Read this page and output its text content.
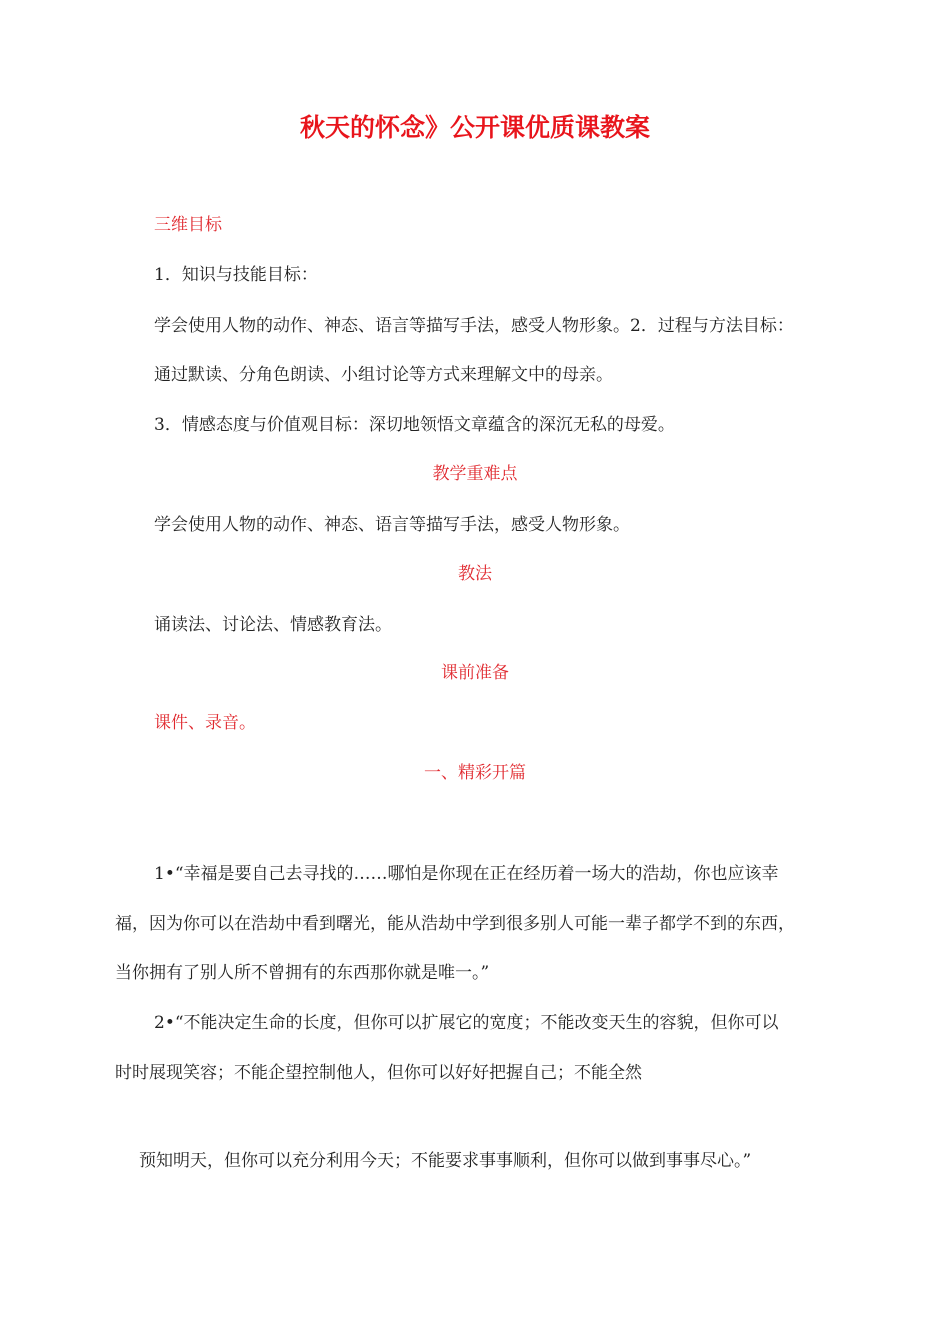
秋天的怀念》公开课优质课教案
三维目标
1．知识与技能目标：
学会使用人物的动作、神态、语言等描写手法，感受人物形象。2．过程与方法目标：
通过默读、分角色朗读、小组讨论等方式来理解文中的母亲。
3．情感态度与价值观目标：深切地领悟文章蕴含的深沉无私的母爱。
教学重难点
学会使用人物的动作、神态、语言等描写手法，感受人物形象。
教法
诵读法、讨论法、情感教育法。
课前准备
课件、录音。
一、精彩开篇
1•“幸福是要自己去寻找的……哪怕是你现在正在经历着一场大的浩劫，你也应该幸
福，因为你可以在浩劫中看到曙光，能从浩劫中学到很多别人可能一辈子都学不到的东西，
当你拥有了别人所不曾拥有的东西那你就是唯一。”
2•“不能决定生命的长度，但你可以扩展它的宽度；不能改变天生的容貌，但你可以
时时展现笑容；不能企望控制他人，但你可以好好把握自己；不能全然
预知明天，但你可以充分利用今天；不能要求事事顺利，但你可以做到事事尽心。”
